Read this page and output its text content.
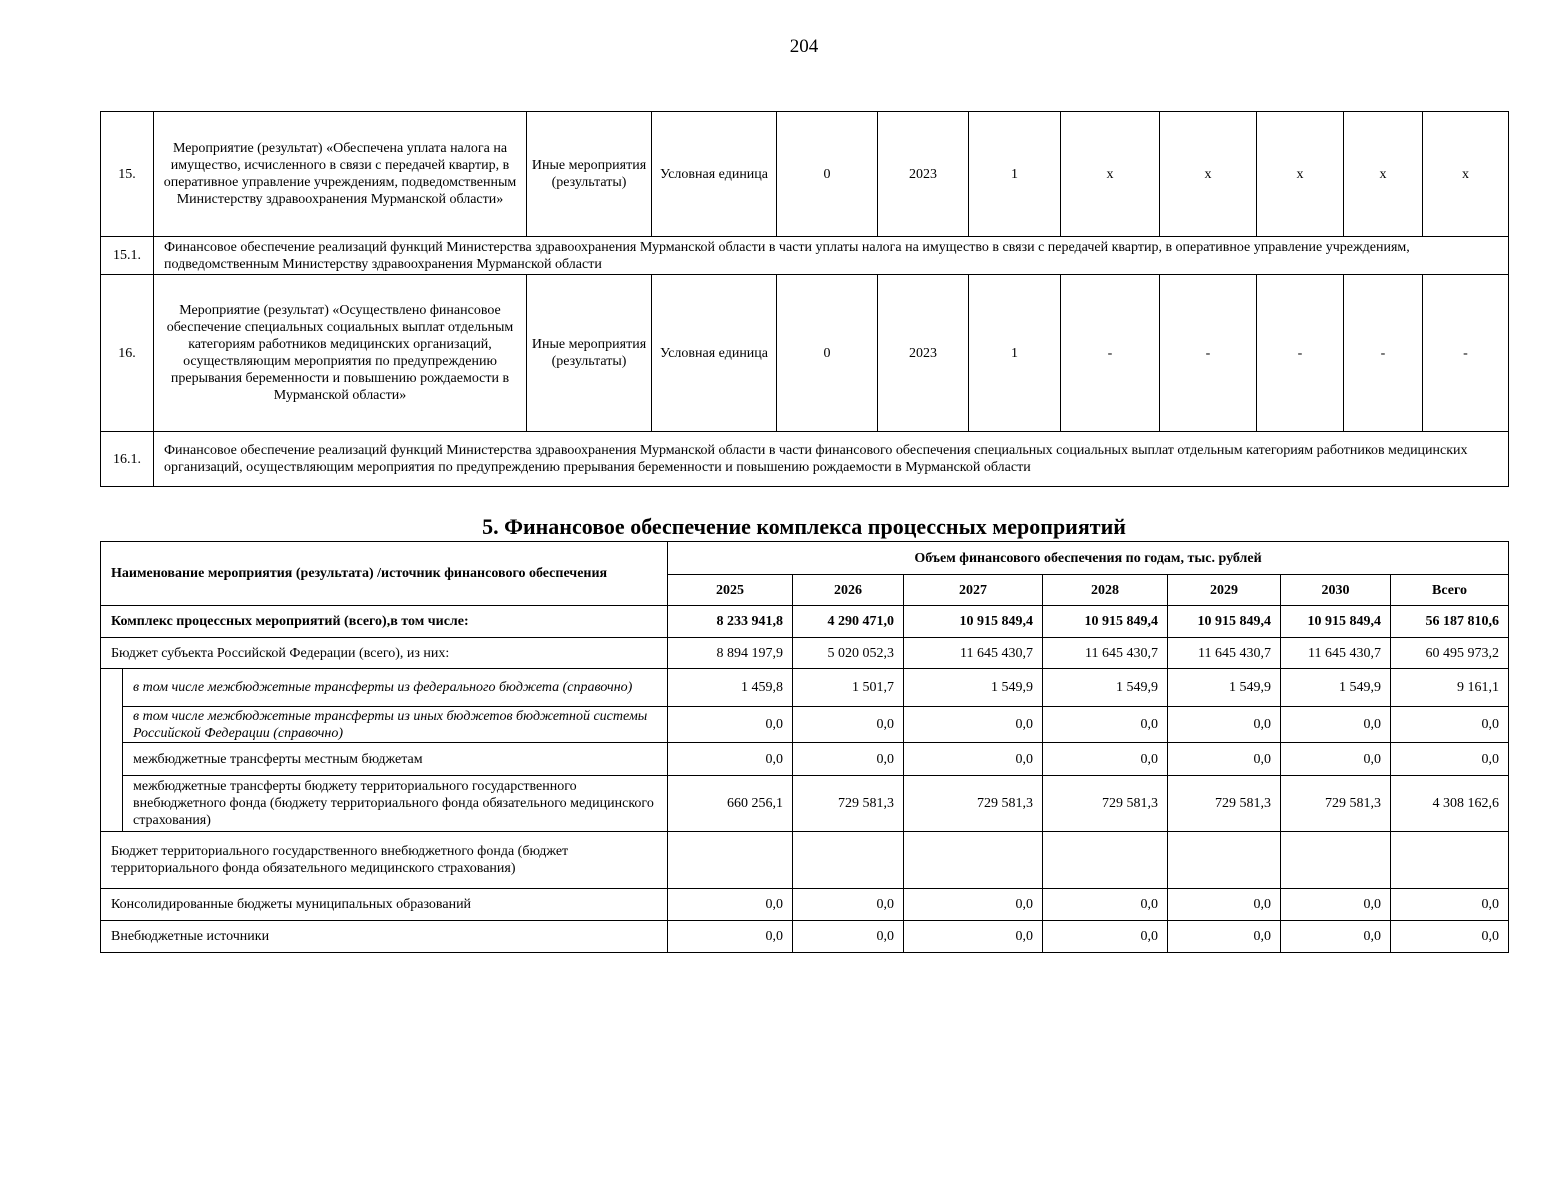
204
15.	Мероприятие (результат) «Обеспечена уплата налога на имущество, исчисленного в связи с передачей квартир, в оперативное управление учреждениям, подведомственным Министерству здравоохранения Мурманской области»	Иные мероприятия (результаты)	Условная единица	0	2023	1	x	x	x	x	x
15.1.	Финансовое обеспечение реализаций функций Министерства здравоохранения Мурманской области в части уплаты налога на имущество в связи с передачей квартир, в оперативное управление учреждениям, подведомственным Министерству здравоохранения Мурманской области										
16.	Мероприятие (результат) «Осуществлено финансовое обеспечение специальных социальных выплат отдельным категориям работников медицинских организаций, осуществляющим мероприятия по предупреждению прерывания беременности и повышению рождаемости в Мурманской области»	Иные мероприятия (результаты)	Условная единица	0	2023	1	-	-	-	-	-
16.1.	Финансовое обеспечение реализаций функций Министерства здравоохранения Мурманской области в части финансового обеспечения специальных социальных выплат отдельным категориям работников медицинских организаций, осуществляющим мероприятия по предупреждению прерывания беременности и повышению рождаемости в Мурманской области										
5. Финансовое обеспечение комплекса процессных мероприятий
Наименование мероприятия (результата) /источник финансового обеспечения		Объем финансового обеспечения по годам, тыс. рублей						
		2025	2026	2027	2028	2029	2030	Всего
Комплекс процессных мероприятий (всего),в том числе:		8 233 941,8	4 290 471,0	10 915 849,4	10 915 849,4	10 915 849,4	10 915 849,4	56 187 810,6
Бюджет субъекта Российской Федерации (всего), из них:		8 894 197,9	5 020 052,3	11 645 430,7	11 645 430,7	11 645 430,7	11 645 430,7	60 495 973,2
	в том числе межбюджетные трансферты из федерального бюджета (справочно)	1 459,8	1 501,7	1 549,9	1 549,9	1 549,9	1 549,9	9 161,1
	в том числе межбюджетные трансферты из иных бюджетов бюджетной системы Российской Федерации (справочно)	0,0	0,0	0,0	0,0	0,0	0,0	0,0
	межбюджетные трансферты местным бюджетам	0,0	0,0	0,0	0,0	0,0	0,0	0,0
	межбюджетные трансферты бюджету территориального государственного внебюджетного фонда (бюджету территориального фонда обязательного медицинского страхования)	660 256,1	729 581,3	729 581,3	729 581,3	729 581,3	729 581,3	4 308 162,6
Бюджет территориального государственного внебюджетного фонда (бюджет территориального фонда обязательного медицинского страхования)								
Консолидированные бюджеты муниципальных образований		0,0	0,0	0,0	0,0	0,0	0,0	0,0
Внебюджетные источники		0,0	0,0	0,0	0,0	0,0	0,0	0,0
